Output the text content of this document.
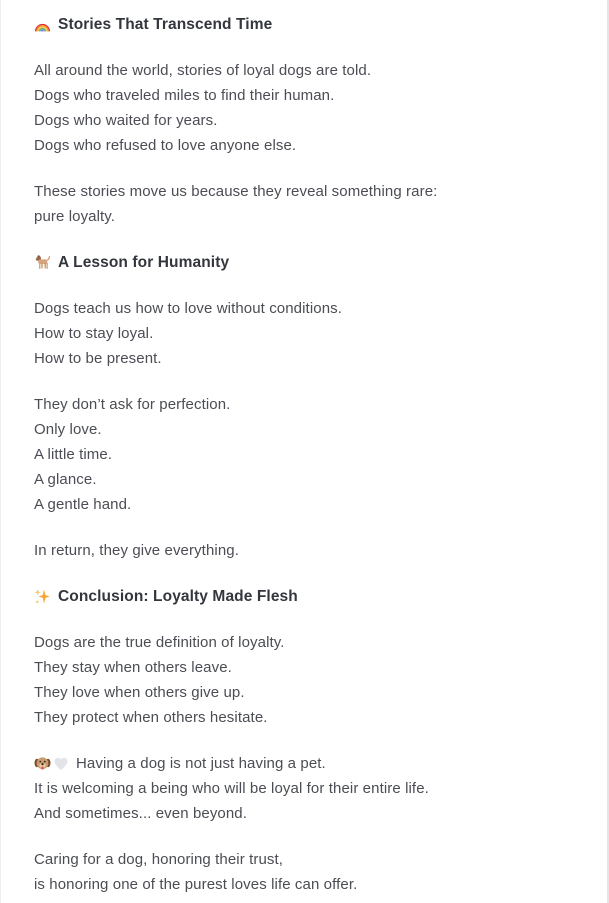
Stories That Transcend Time

All around the world, stories of loyal dogs are told.
Dogs who traveled miles to find their human.
Dogs who waited for years.
Dogs who refused to love anyone else.

These stories move us because they reveal something rare:
pure loyalty.

A Lesson for Humanity

Dogs teach us how to love without conditions.
How to stay loyal.
How to be present.

They don’t ask for perfection.
Only love.
A little time.
A glance.
A gentle hand.

In return, they give everything.

Conclusion: Loyalty Made Flesh

Dogs are the true definition of loyalty.
They stay when others leave.
They love when others give up.
They protect when others hesitate.

Having a dog is not just having a pet.
It is welcoming a being who will be loyal for their entire life.
And sometimes... even beyond.

Caring for a dog, honoring their trust,
is honoring one of the purest loves life can offer.
